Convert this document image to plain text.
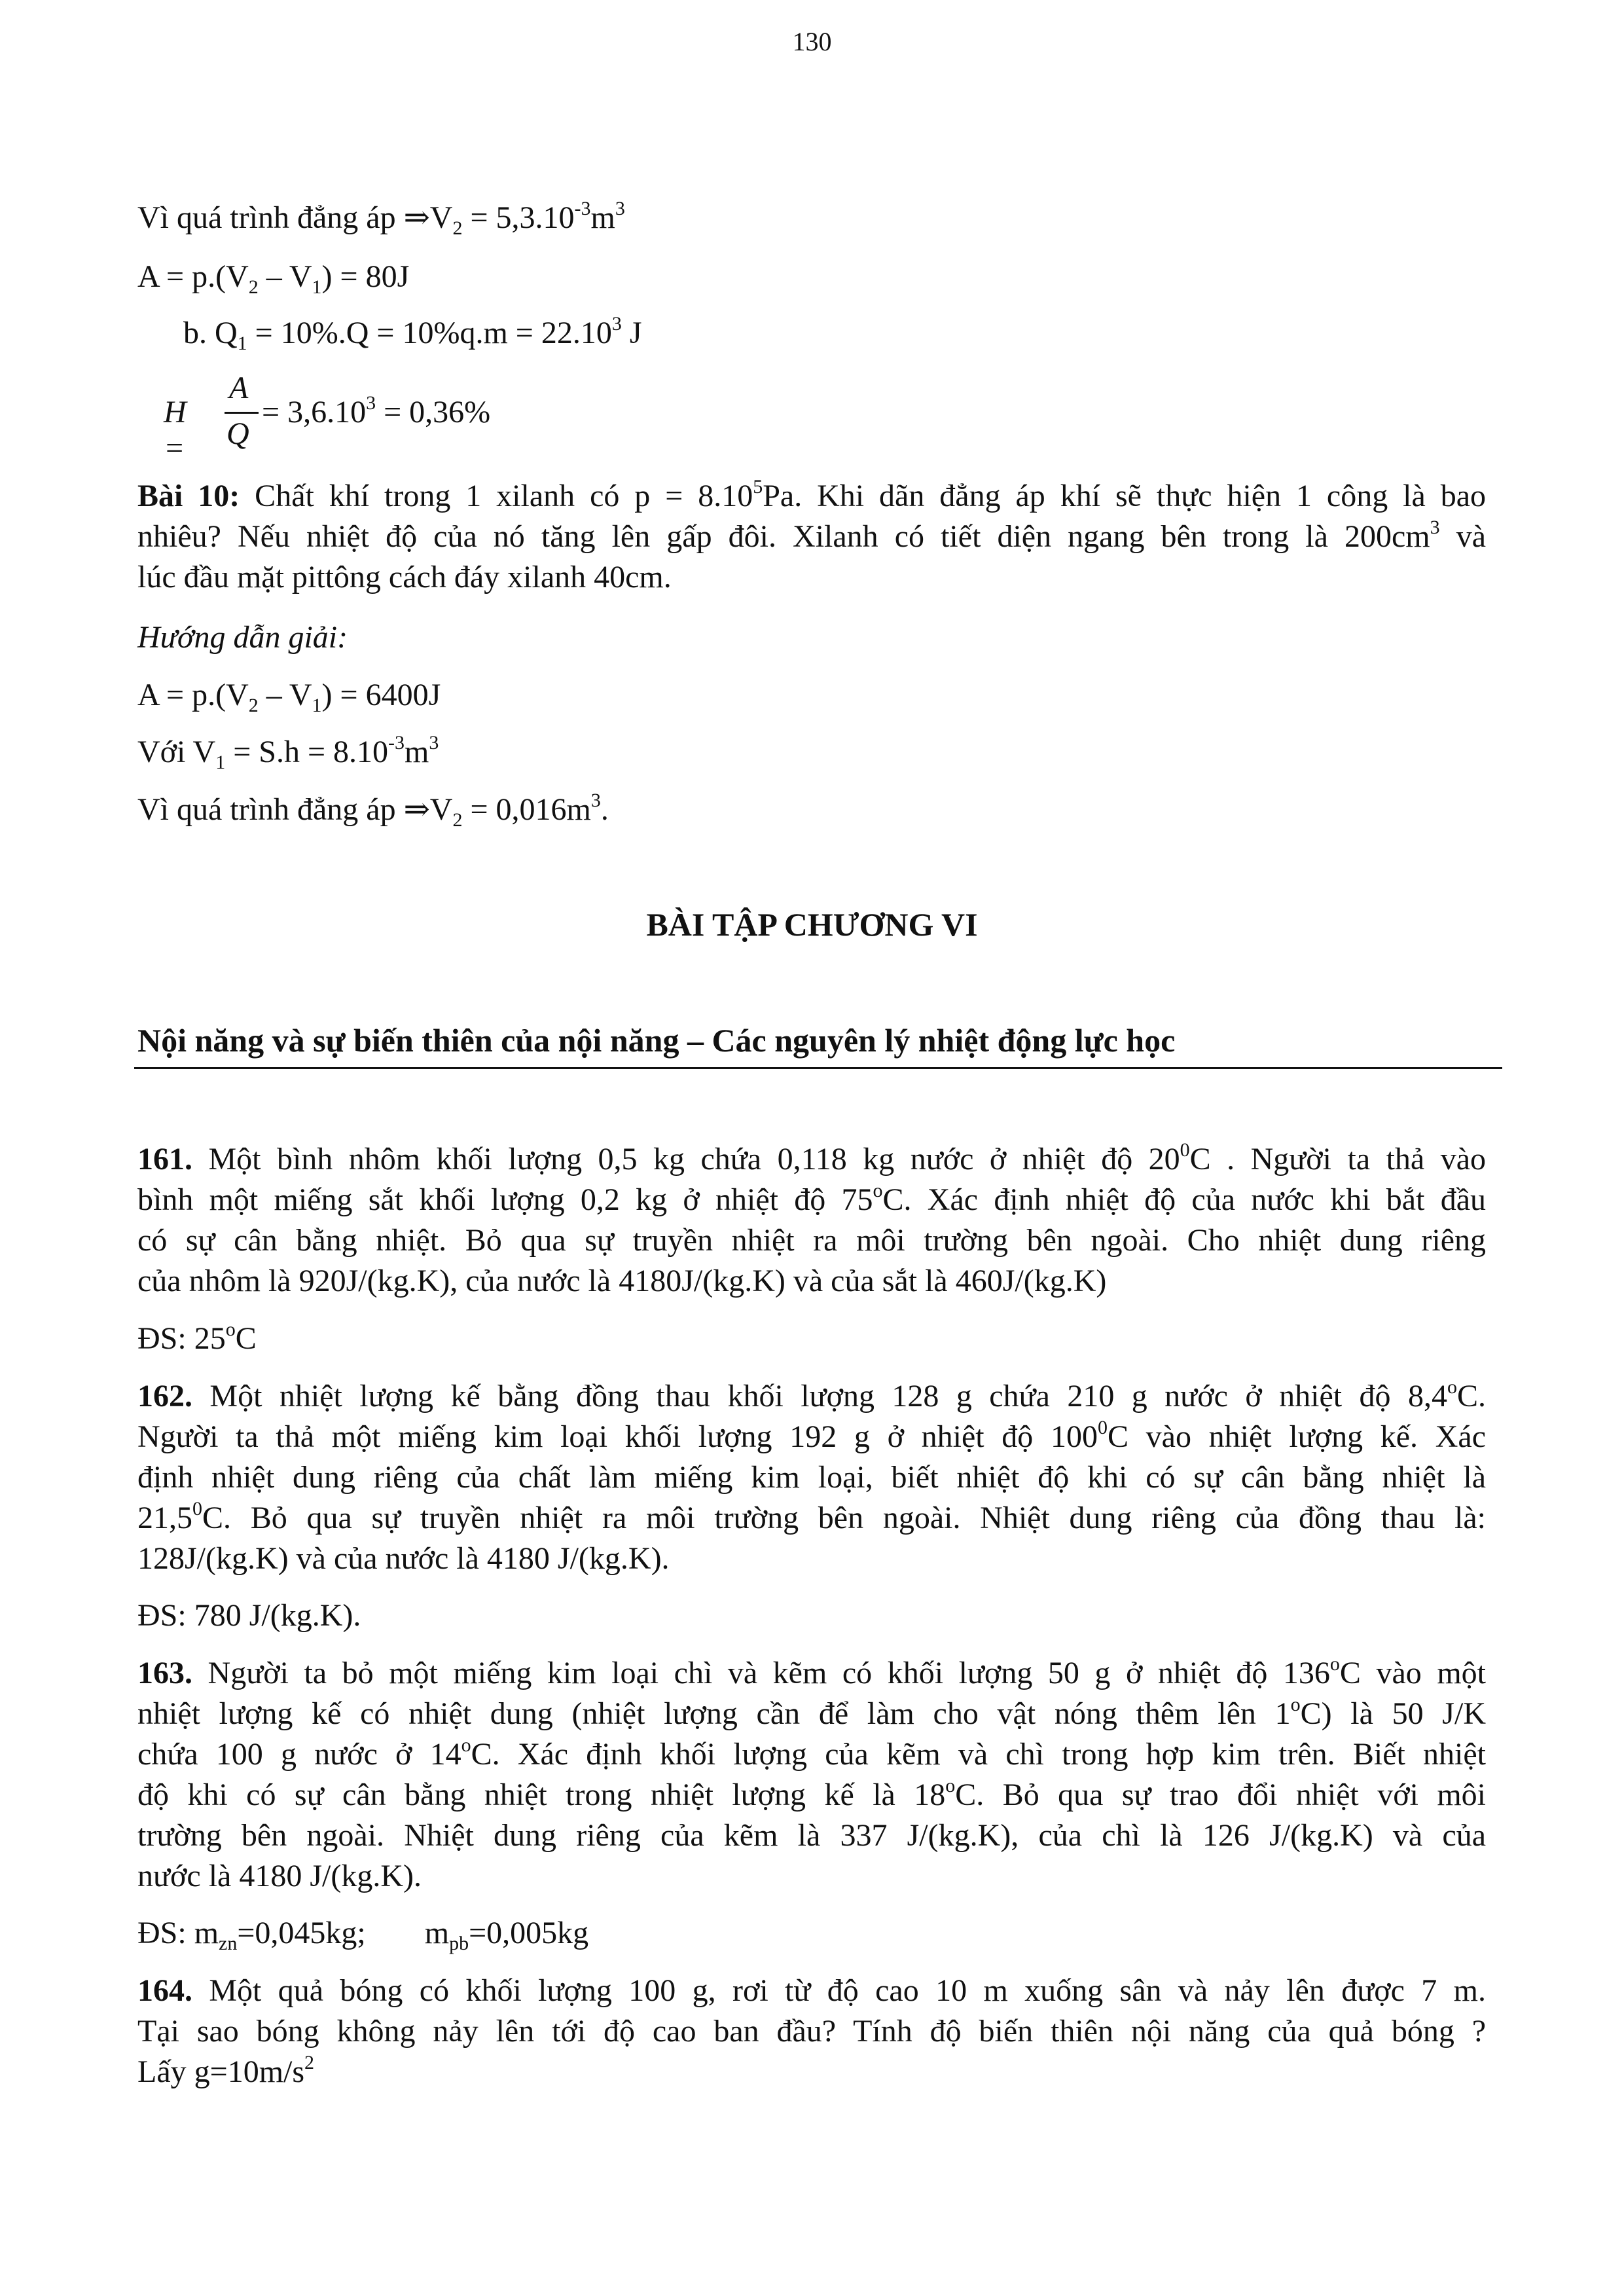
130
Vì quá trình đẳng áp $\Rightarrow V_2 = 5,3.10^{-3}m^3$
$A = p.(V_2 - V_1) = 80J$
b. $Q_1 = 10\%.Q = 10\%q.m = 22.10^3$ J
H =
A
Q
= $3,6.10^3 = 0,36\%$
Bài 10: Chất khí trong 1 xilanh có $p = 8.10^5Pa$. Khi dãn đẳng áp khí sẽ thực hiện 1 công là bao
nhiêu? Nếu nhiệt độ của nó tăng lên gấp đôi. Xilanh có tiết diện ngang bên trong là $200cm^3$ và
lúc đầu mặt pittông cách đáy xilanh 40cm.
Hướng dẫn giải:
$A = p.(V_2 - V_1) = 6400J$
Với $V_1 = S.h = 8.10^{-3}m^3$
Vì quá trình đẳng áp $\Rightarrow V_2 = 0,016m^3$.
BÀI TẬP CHƯƠNG VI
Nội năng và sự biến thiên của nội năng – Các nguyên lý nhiệt động lực học
161. Một bình nhôm khối lượng 0,5 kg chứa 0,118 kg nước ở nhiệt độ $20^0C$ . Người ta thả vào
bình một miếng sắt khối lượng 0,2 kg ở nhiệt độ 75$^o$C. Xác định nhiệt độ của nước khi bắt đầu
có sự cân bằng nhiệt. Bỏ qua sự truyền nhiệt ra môi trường bên ngoài. Cho nhiệt dung riêng
của nhôm là 920J/(kg.K), của nước là 4180J/(kg.K) và của sắt là 460J/(kg.K)
ĐS: 25$^o$C
162. Một nhiệt lượng kế bằng đồng thau khối lượng 128 g chứa 210 g nước ở nhiệt độ 8,4$^o$C.
Người ta thả một miếng kim loại khối lượng 192 g ở nhiệt độ $100^0C$ vào nhiệt lượng kế. Xác
định nhiệt dung riêng của chất làm miếng kim loại, biết nhiệt độ khi có sự cân bằng nhiệt là
21,5$^0$C. Bỏ qua sự truyền nhiệt ra môi trường bên ngoài. Nhiệt dung riêng của đồng thau là:
128J/(kg.K) và của nước là 4180 J/(kg.K).
ĐS: 780 J/(kg.K).
163. Người ta bỏ một miếng kim loại chì và kẽm có khối lượng 50 g ở nhiệt độ 136$^o$C vào một
nhiệt lượng kế có nhiệt dung (nhiệt lượng cần để làm cho vật nóng thêm lên 1$^o$C) là 50 J/K
chứa 100 g nước ở 14$^o$C. Xác định khối lượng của kẽm và chì trong hợp kim trên. Biết nhiệt
độ khi có sự cân bằng nhiệt trong nhiệt lượng kế là 18$^o$C. Bỏ qua sự trao đổi nhiệt với môi
trường bên ngoài. Nhiệt dung riêng của kẽm là 337 J/(kg.K), của chì là 126 J/(kg.K) và của
nước là 4180 J/(kg.K).
ĐS: $m_{zn}=0,045kg$; $m_{pb}=0,005kg$
164. Một quả bóng có khối lượng 100 g, rơi từ độ cao 10 m xuống sân và nảy lên được 7 m.
Tại sao bóng không nảy lên tới độ cao ban đầu? Tính độ biến thiên nội năng của quả bóng ?
Lấy $g=10m/s^2$
